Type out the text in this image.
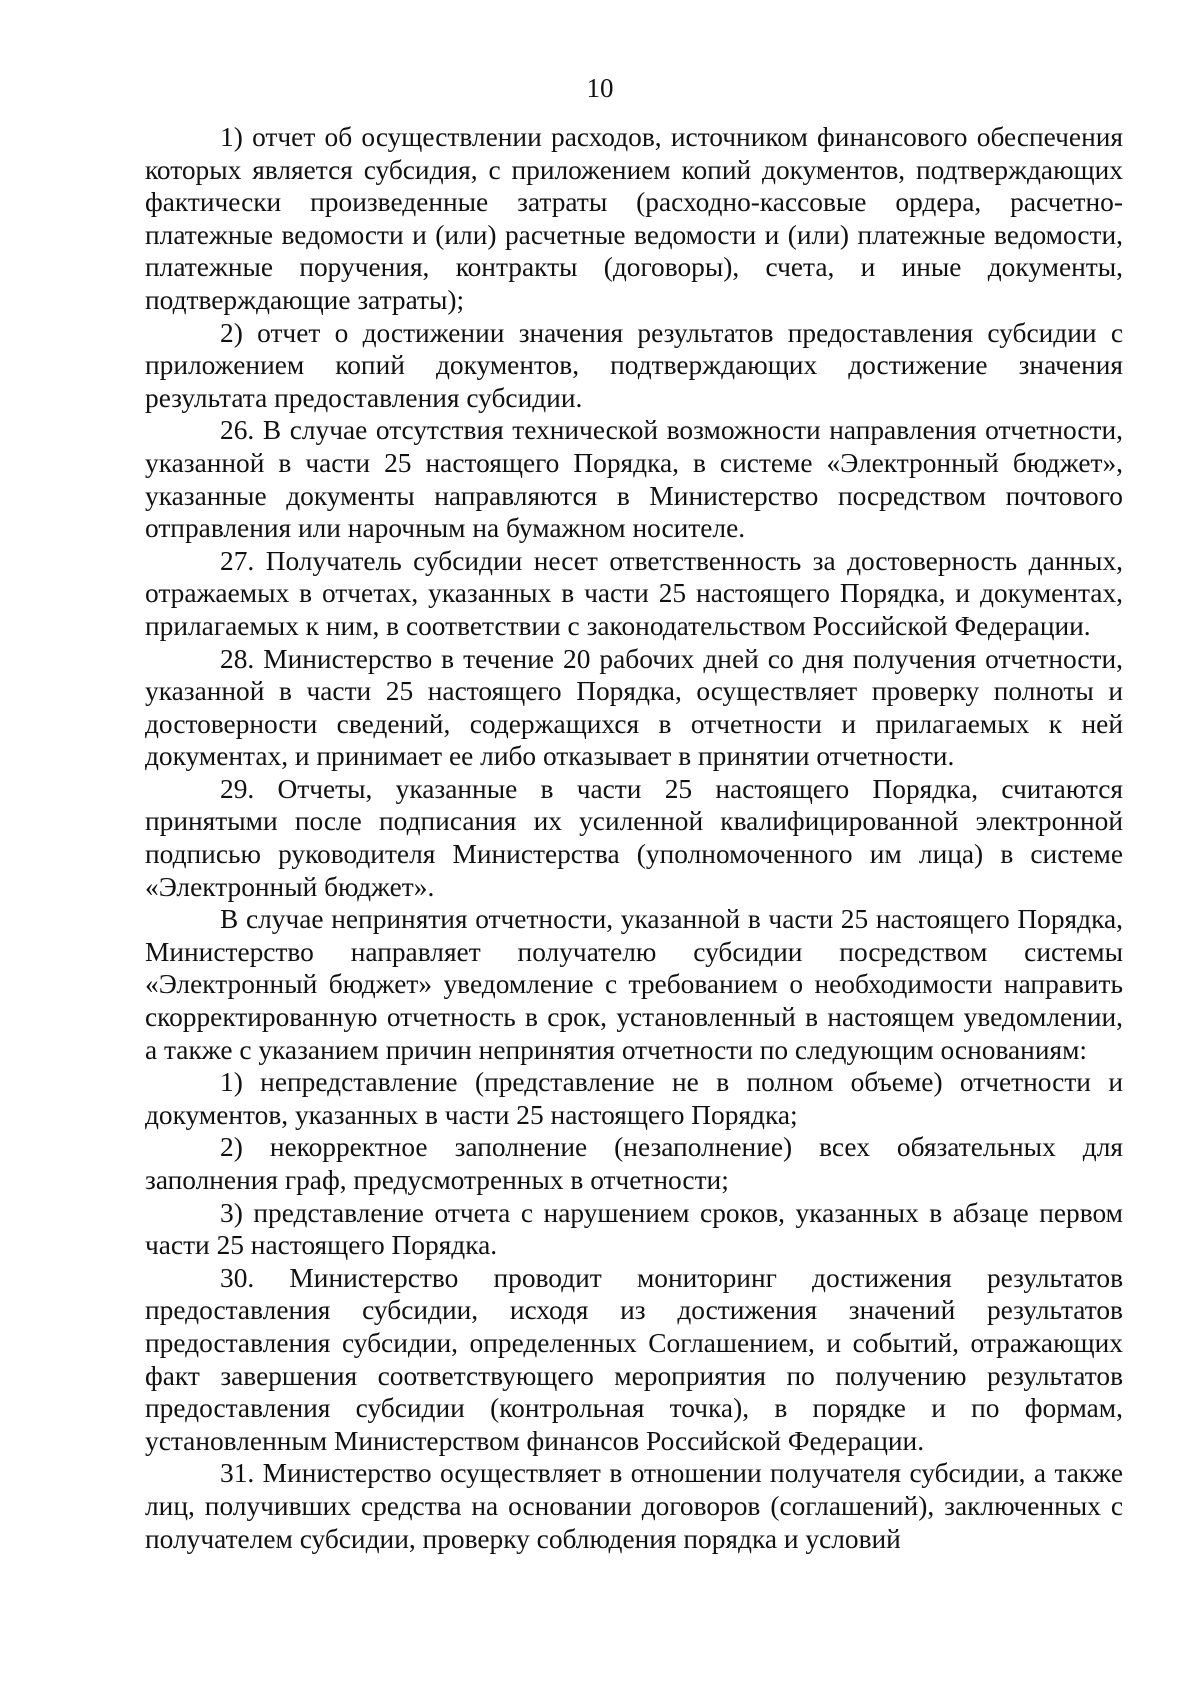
10

1) отчет об осуществлении расходов, источником финансового обеспечения которых является субсидия, с приложением копий документов, подтверждающих фактически произведенные затраты (расходно-кассовые ордера, расчетно-платежные ведомости и (или) расчетные ведомости и (или) платежные ведомости, платежные поручения, контракты (договоры), счета, и иные документы, подтверждающие затраты);

2) отчет о достижении значения результатов предоставления субсидии с приложением копий документов, подтверждающих достижение значения результата предоставления субсидии.

26. В случае отсутствия технической возможности направления отчетности, указанной в части 25 настоящего Порядка, в системе «Электронный бюджет», указанные документы направляются в Министерство посредством почтового отправления или нарочным на бумажном носителе.

27. Получатель субсидии несет ответственность за достоверность данных, отражаемых в отчетах, указанных в части 25 настоящего Порядка, и документах, прилагаемых к ним, в соответствии с законодательством Российской Федерации.

28. Министерство в течение 20 рабочих дней со дня получения отчетности, указанной в части 25 настоящего Порядка, осуществляет проверку полноты и достоверности сведений, содержащихся в отчетности и прилагаемых к ней документах, и принимает ее либо отказывает в принятии отчетности.

29. Отчеты, указанные в части 25 настоящего Порядка, считаются принятыми после подписания их усиленной квалифицированной электронной подписью руководителя Министерства (уполномоченного им лица) в системе «Электронный бюджет».

В случае непринятия отчетности, указанной в части 25 настоящего Порядка, Министерство направляет получателю субсидии посредством системы «Электронный бюджет» уведомление с требованием о необходимости направить скорректированную отчетность в срок, установленный в настоящем уведомлении, а также с указанием причин непринятия отчетности по следующим основаниям:

1) непредставление (представление не в полном объеме) отчетности и документов, указанных в части 25 настоящего Порядка;

2) некорректное заполнение (незаполнение) всех обязательных для заполнения граф, предусмотренных в отчетности;

3) представление отчета с нарушением сроков, указанных в абзаце первом части 25 настоящего Порядка.

30. Министерство проводит мониторинг достижения результатов предоставления субсидии, исходя из достижения значений результатов предоставления субсидии, определенных Соглашением, и событий, отражающих факт завершения соответствующего мероприятия по получению результатов предоставления субсидии (контрольная точка), в порядке и по формам, установленным Министерством финансов Российской Федерации.

31. Министерство осуществляет в отношении получателя субсидии, а также лиц, получивших средства на основании договоров (соглашений), заключенных с получателем субсидии, проверку соблюдения порядка и условий
